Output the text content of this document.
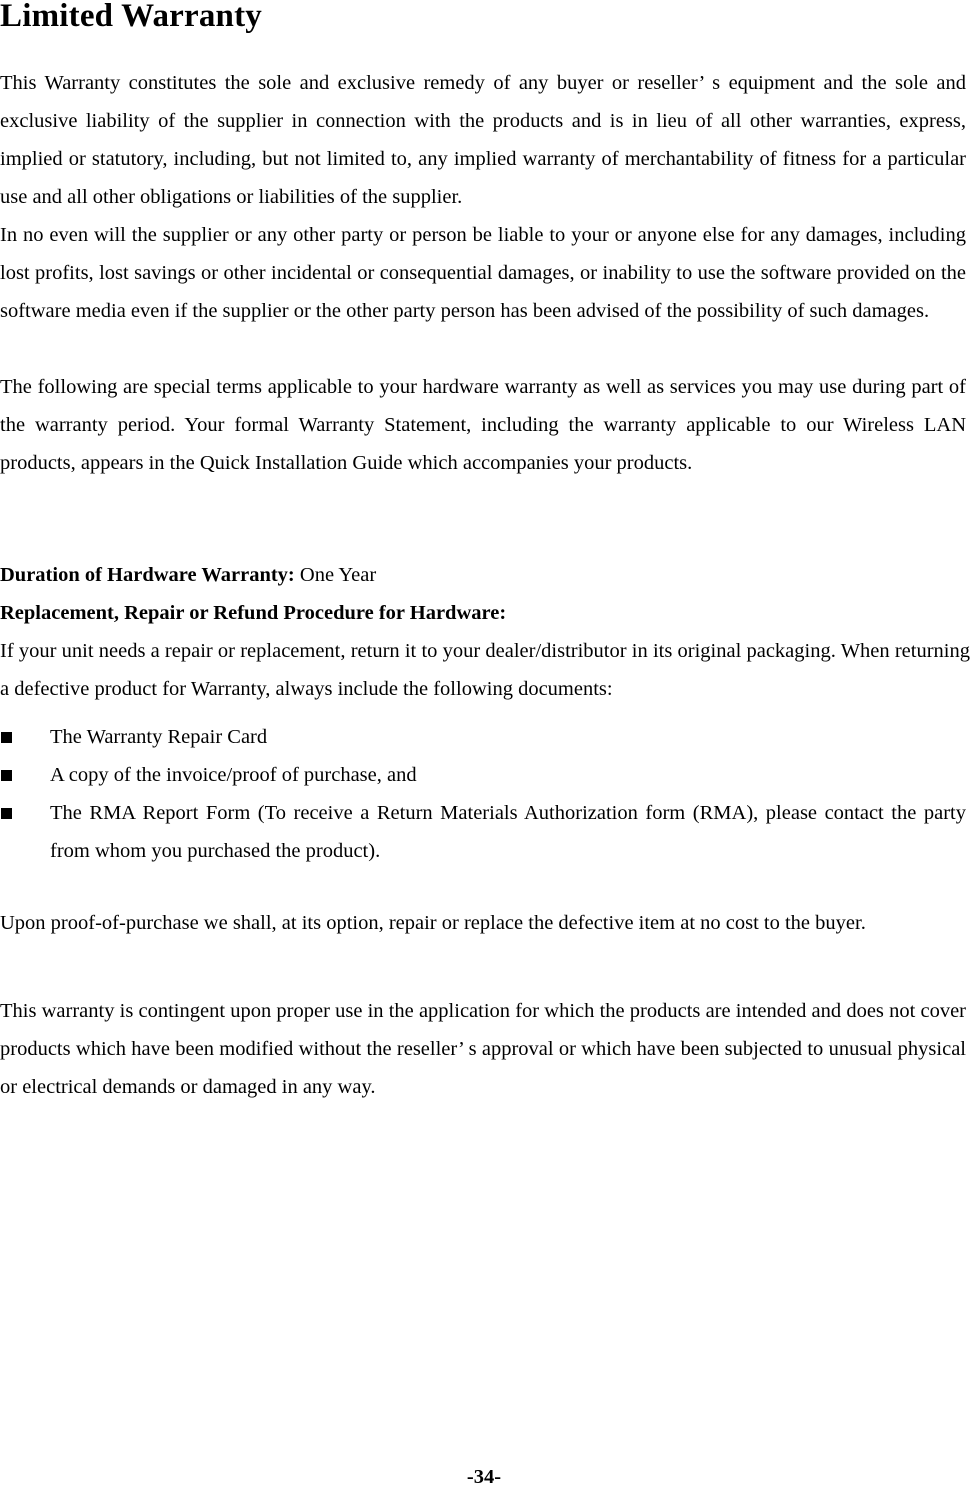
Limited Warranty

This Warranty constitutes the sole and exclusive remedy of any buyer or reseller’ s equipment and the sole and exclusive liability of the supplier in connection with the products and is in lieu of all other warranties, express, implied or statutory, including, but not limited to, any implied warranty of merchantability of fitness for a particular use and all other obligations or liabilities of the supplier.

In no even will the supplier or any other party or person be liable to your or anyone else for any damages, including lost profits, lost savings or other incidental or consequential damages, or inability to use the software provided on the software media even if the supplier or the other party person has been advised of the possibility of such damages.

The following are special terms applicable to your hardware warranty as well as services you may use during part of the warranty period. Your formal Warranty Statement, including the warranty applicable to our Wireless LAN products, appears in the Quick Installation Guide which accompanies your products.

Duration of Hardware Warranty: One Year

Replacement, Repair or Refund Procedure for Hardware:

If your unit needs a repair or replacement, return it to your dealer/distributor in its original packaging. When returning a defective product for Warranty, always include the following documents:

The Warranty Repair Card
A copy of the invoice/proof of purchase, and
The RMA Report Form (To receive a Return Materials Authorization form (RMA), please contact the party from whom you purchased the product).

Upon proof-of-purchase we shall, at its option, repair or replace the defective item at no cost to the buyer.

This warranty is contingent upon proper use in the application for which the products are intended and does not cover products which have been modified without the reseller’ s approval or which have been subjected to unusual physical or electrical demands or damaged in any way.

-34-
